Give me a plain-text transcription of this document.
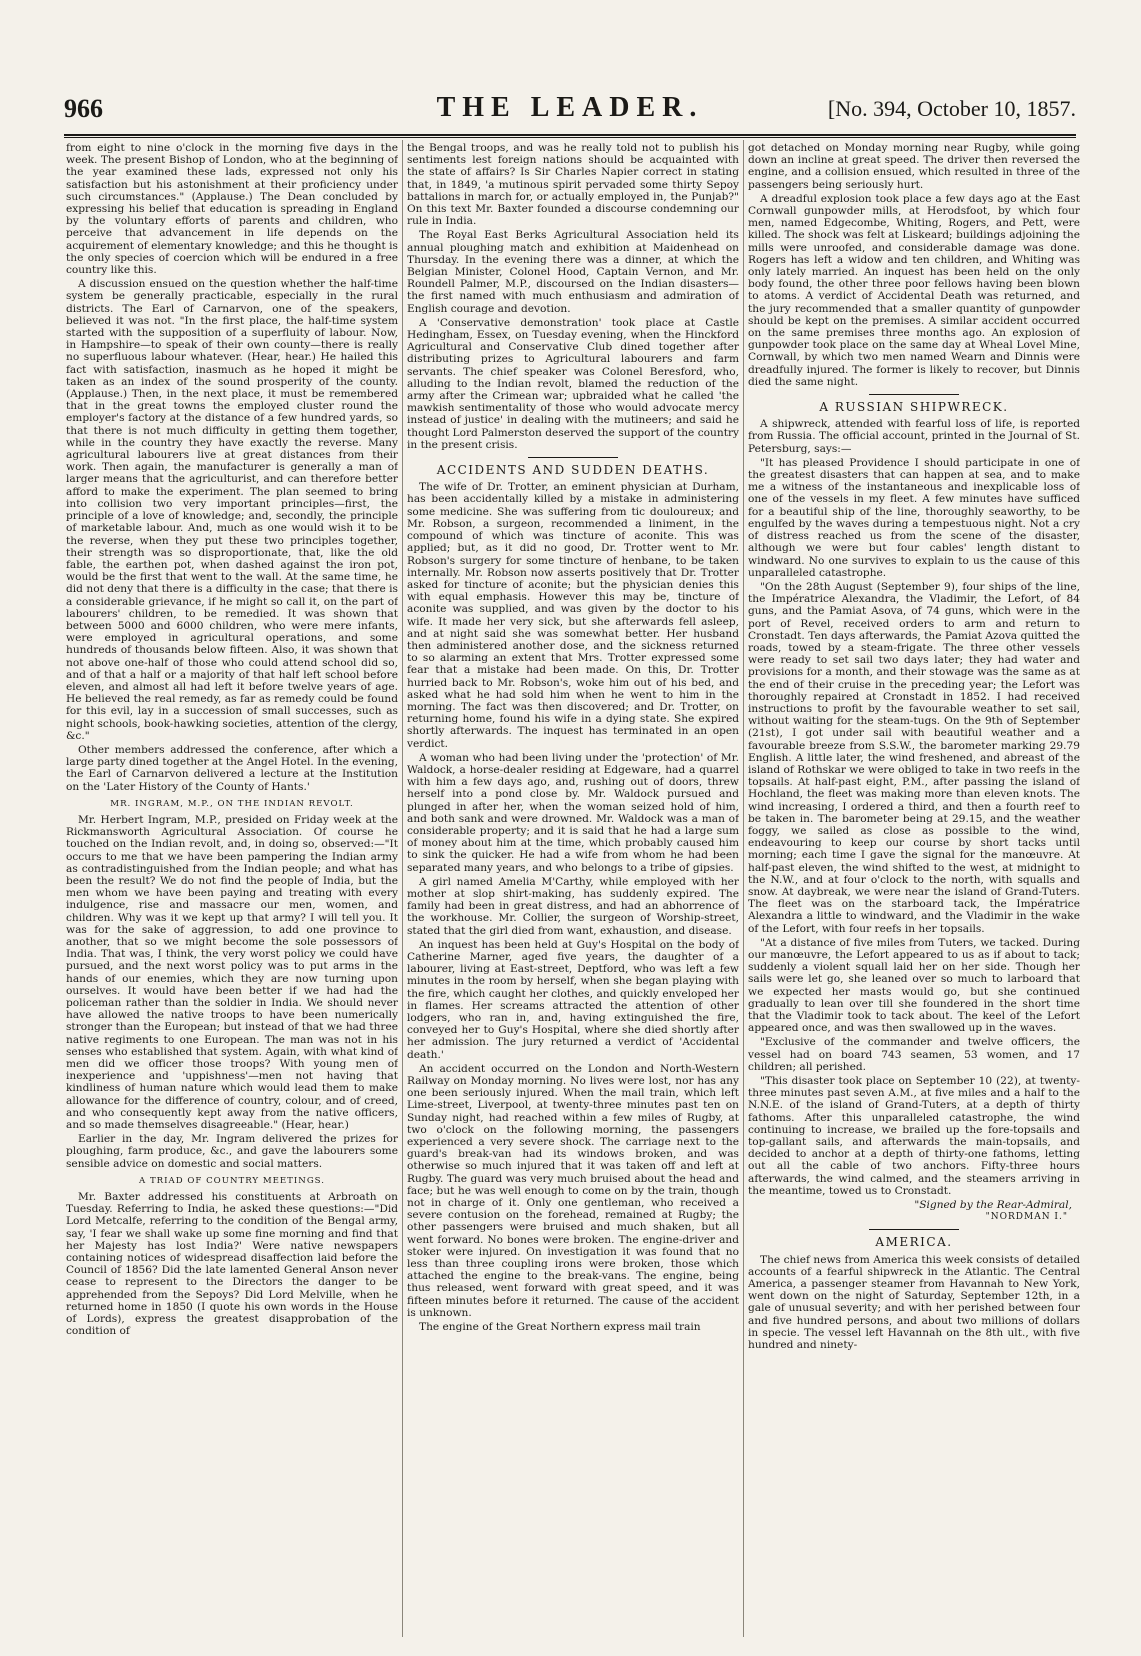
966	THE LEADER.	[No. 394, October 10, 1857.

from eight to nine o'clock in the morning five days in the week. The present Bishop of London, who at the beginning of the year examined these lads, expressed not only his satisfaction but his astonishment at their proficiency under such circumstances." (Applause.) The Dean concluded by expressing his belief that education is spreading in England by the voluntary efforts of parents and children, who perceive that advancement in life depends on the acquirement of elementary knowledge; and this he thought is the only species of coercion which will be endured in a free country like this.

A discussion ensued on the question whether the half-time system be generally practicable, especially in the rural districts. The Earl of Carnarvon, one of the speakers, believed it was not. "In the first place, the half-time system started with the supposition of a superfluity of labour. Now, in Hampshire—to speak of their own county—there is really no superfluous labour whatever. (Hear, hear.) He hailed this fact with satisfaction, inasmuch as he hoped it might be taken as an index of the sound prosperity of the county. (Applause.) Then, in the next place, it must be remembered that in the great towns the employed cluster round the employer's factory at the distance of a few hundred yards, so that there is not much difficulty in getting them together, while in the country they have exactly the reverse. Many agricultural labourers live at great distances from their work. Then again, the manufacturer is generally a man of larger means that the agriculturist, and can therefore better afford to make the experiment. The plan seemed to bring into collision two very important principles—first, the principle of a love of knowledge; and, secondly, the principle of marketable labour. And, much as one would wish it to be the reverse, when they put these two principles together, their strength was so disproportionate, that, like the old fable, the earthen pot, when dashed against the iron pot, would be the first that went to the wall. At the same time, he did not deny that there is a difficulty in the case; that there is a considerable grievance, if he might so call it, on the part of labourers' children, to be remedied. It was shown that between 5000 and 6000 children, who were mere infants, were employed in agricultural operations, and some hundreds of thousands below fifteen. Also, it was shown that not above one-half of those who could attend school did so, and of that a half or a majority of that half left school before eleven, and almost all had left it before twelve years of age. He believed the real remedy, as far as remedy could be found for this evil, lay in a succession of small successes, such as night schools, book-hawking societies, attention of the clergy, &c."

Other members addressed the conference, after which a large party dined together at the Angel Hotel. In the evening, the Earl of Carnarvon delivered a lecture at the Institution on the 'Later History of the County of Hants.'

MR. INGRAM, M.P., ON THE INDIAN REVOLT.

Mr. Herbert Ingram, M.P., presided on Friday week at the Rickmansworth Agricultural Association. Of course he touched on the Indian revolt, and, in doing so, observed:—"It occurs to me that we have been pampering the Indian army as contradistinguished from the Indian people; and what has been the result? We do not find the people of India, but the men whom we have been paying and treating with every indulgence, rise and massacre our men, women, and children. Why was it we kept up that army? I will tell you. It was for the sake of aggression, to add one province to another, that so we might become the sole possessors of India. That was, I think, the very worst policy we could have pursued, and the next worst policy was to put arms in the hands of our enemies, which they are now turning upon ourselves. It would have been better if we had had the policeman rather than the soldier in India. We should never have allowed the native troops to have been numerically stronger than the European; but instead of that we had three native regiments to one European. The man was not in his senses who established that system. Again, with what kind of men did we officer those troops? With young men of inexperience and 'uppishness'—men not having that kindliness of human nature which would lead them to make allowance for the difference of country, colour, and of creed, and who consequently kept away from the native officers, and so made themselves disagreeable." (Hear, hear.)

Earlier in the day, Mr. Ingram delivered the prizes for ploughing, farm produce, &c., and gave the labourers some sensible advice on domestic and social matters.

A TRIAD OF COUNTRY MEETINGS.

Mr. Baxter addressed his constituents at Arbroath on Tuesday. Referring to India, he asked these questions:—"Did Lord Metcalfe, referring to the condition of the Bengal army, say, 'I fear we shall wake up some fine morning and find that her Majesty has lost India?' Were native newspapers containing notices of widespread disaffection laid before the Council of 1856? Did the late lamented General Anson never cease to represent to the Directors the danger to be apprehended from the Sepoys? Did Lord Melville, when he returned home in 1850 (I quote his own words in the House of Lords), express the greatest disapprobation of the condition of

the Bengal troops, and was he really told not to publish his sentiments lest foreign nations should be acquainted with the state of affairs? Is Sir Charles Napier correct in stating that, in 1849, 'a mutinous spirit pervaded some thirty Sepoy battalions in march for, or actually employed in, the Punjab?" On this text Mr. Baxter founded a discourse condemning our rule in India.

The Royal East Berks Agricultural Association held its annual ploughing match and exhibition at Maidenhead on Thursday. In the evening there was a dinner, at which the Belgian Minister, Colonel Hood, Captain Vernon, and Mr. Roundell Palmer, M.P., discoursed on the Indian disasters—the first named with much enthusiasm and admiration of English courage and devotion.

A 'Conservative demonstration' took place at Castle Hedingham, Essex, on Tuesday evening, when the Hinckford Agricultural and Conservative Club dined together after distributing prizes to Agricultural labourers and farm servants. The chief speaker was Colonel Beresford, who, alluding to the Indian revolt, blamed the reduction of the army after the Crimean war; upbraided what he called 'the mawkish sentimentality of those who would advocate mercy instead of justice' in dealing with the mutineers; and said he thought Lord Palmerston deserved the support of the country in the present crisis.

ACCIDENTS AND SUDDEN DEATHS.

The wife of Dr. Trotter, an eminent physician at Durham, has been accidentally killed by a mistake in administering some medicine. She was suffering from tic douloureux; and Mr. Robson, a surgeon, recommended a liniment, in the compound of which was tincture of aconite. This was applied; but, as it did no good, Dr. Trotter went to Mr. Robson's surgery for some tincture of henbane, to be taken internally. Mr. Robson now asserts positively that Dr. Trotter asked for tincture of aconite; but the physician denies this with equal emphasis. However this may be, tincture of aconite was supplied, and was given by the doctor to his wife. It made her very sick, but she afterwards fell asleep, and at night said she was somewhat better. Her husband then administered another dose, and the sickness returned to so alarming an extent that Mrs. Trotter expressed some fear that a mistake had been made. On this, Dr. Trotter hurried back to Mr. Robson's, woke him out of his bed, and asked what he had sold him when he went to him in the morning. The fact was then discovered; and Dr. Trotter, on returning home, found his wife in a dying state. She expired shortly afterwards. The inquest has terminated in an open verdict.

A woman who had been living under the 'protection' of Mr. Waldock, a horse-dealer residing at Edgeware, had a quarrel with him a few days ago, and, rushing out of doors, threw herself into a pond close by. Mr. Waldock pursued and plunged in after her, when the woman seized hold of him, and both sank and were drowned. Mr. Waldock was a man of considerable property; and it is said that he had a large sum of money about him at the time, which probably caused him to sink the quicker. He had a wife from whom he had been separated many years, and who belongs to a tribe of gipsies.

A girl named Amelia M'Carthy, while employed with her mother at slop shirt-making, has suddenly expired. The family had been in great distress, and had an abhorrence of the workhouse. Mr. Collier, the surgeon of Worship-street, stated that the girl died from want, exhaustion, and disease.

An inquest has been held at Guy's Hospital on the body of Catherine Marner, aged five years, the daughter of a labourer, living at East-street, Deptford, who was left a few minutes in the room by herself, when she began playing with the fire, which caught her clothes, and quickly enveloped her in flames. Her screams attracted the attention of other lodgers, who ran in, and, having extinguished the fire, conveyed her to Guy's Hospital, where she died shortly after her admission. The jury returned a verdict of 'Accidental death.'

An accident occurred on the London and North-Western Railway on Monday morning. No lives were lost, nor has any one been seriously injured. When the mail train, which left Lime-street, Liverpool, at twenty-three minutes past ten on Sunday night, had reached within a few miles of Rugby, at two o'clock on the following morning, the passengers experienced a very severe shock. The carriage next to the guard's break-van had its windows broken, and was otherwise so much injured that it was taken off and left at Rugby. The guard was very much bruised about the head and face; but he was well enough to come on by the train, though not in charge of it. Only one gentleman, who received a severe contusion on the forehead, remained at Rugby; the other passengers were bruised and much shaken, but all went forward. No bones were broken. The engine-driver and stoker were injured. On investigation it was found that no less than three coupling irons were broken, those which attached the engine to the break-vans. The engine, being thus released, went forward with great speed, and it was fifteen minutes before it returned. The cause of the accident is unknown.

The engine of the Great Northern express mail train

got detached on Monday morning near Rugby, while going down an incline at great speed. The driver then reversed the engine, and a collision ensued, which resulted in three of the passengers being seriously hurt.

A dreadful explosion took place a few days ago at the East Cornwall gunpowder mills, at Herodsfoot, by which four men, named Edgecombe, Whiting, Rogers, and Pett, were killed. The shock was felt at Liskeard; buildings adjoining the mills were unroofed, and considerable damage was done. Rogers has left a widow and ten children, and Whiting was only lately married. An inquest has been held on the only body found, the other three poor fellows having been blown to atoms. A verdict of Accidental Death was returned, and the jury recommended that a smaller quantity of gunpowder should be kept on the premises. A similar accident occurred on the same premises three months ago. An explosion of gunpowder took place on the same day at Wheal Lovel Mine, Cornwall, by which two men named Wearn and Dinnis were dreadfully injured. The former is likely to recover, but Dinnis died the same night.

A RUSSIAN SHIPWRECK.

A shipwreck, attended with fearful loss of life, is reported from Russia. The official account, printed in the Journal of St. Petersburg, says:—

"It has pleased Providence I should participate in one of the greatest disasters that can happen at sea, and to make me a witness of the instantaneous and inexplicable loss of one of the vessels in my fleet. A few minutes have sufficed for a beautiful ship of the line, thoroughly seaworthy, to be engulfed by the waves during a tempestuous night. Not a cry of distress reached us from the scene of the disaster, although we were but four cables' length distant to windward. No one survives to explain to us the cause of this unparalleled catastrophe.

"On the 28th August (September 9), four ships of the line, the Impératrice Alexandra, the Vladimir, the Lefort, of 84 guns, and the Pamiat Asova, of 74 guns, which were in the port of Revel, received orders to arm and return to Cronstadt. Ten days afterwards, the Pamiat Azova quitted the roads, towed by a steam-frigate. The three other vessels were ready to set sail two days later; they had water and provisions for a month, and their stowage was the same as at the end of their cruise in the preceding year; the Lefort was thoroughly repaired at Cronstadt in 1852. I had received instructions to profit by the favourable weather to set sail, without waiting for the steam-tugs. On the 9th of September (21st), I got under sail with beautiful weather and a favourable breeze from S.S.W., the barometer marking 29.79 English. A little later, the wind freshened, and abreast of the island of Rothskar we were obliged to take in two reefs in the topsails. At half-past eight, P.M., after passing the island of Hochland, the fleet was making more than eleven knots. The wind increasing, I ordered a third, and then a fourth reef to be taken in. The barometer being at 29.15, and the weather foggy, we sailed as close as possible to the wind, endeavouring to keep our course by short tacks until morning; each time I gave the signal for the manœuvre. At half-past eleven, the wind shifted to the west, at midnight to the N.W., and at four o'clock to the north, with squalls and snow. At daybreak, we were near the island of Grand-Tuters. The fleet was on the starboard tack, the Impératrice Alexandra a little to windward, and the Vladimir in the wake of the Lefort, with four reefs in her topsails.

"At a distance of five miles from Tuters, we tacked. During our manœuvre, the Lefort appeared to us as if about to tack; suddenly a violent squall laid her on her side. Though her sails were let go, she leaned over so much to larboard that we expected her masts would go, but she continued gradually to lean over till she foundered in the short time that the Vladimir took to tack about. The keel of the Lefort appeared once, and was then swallowed up in the waves.

"Exclusive of the commander and twelve officers, the vessel had on board 743 seamen, 53 women, and 17 children; all perished.

"This disaster took place on September 10 (22), at twenty-three minutes past seven A.M., at five miles and a half to the N.N.E. of the island of Grand-Tuters, at a depth of thirty fathoms. After this unparalleled catastrophe, the wind continuing to increase, we brailed up the fore-topsails and top-gallant sails, and afterwards the main-topsails, and decided to anchor at a depth of thirty-one fathoms, letting out all the cable of two anchors. Fifty-three hours afterwards, the wind calmed, and the steamers arriving in the meantime, towed us to Cronstadt.

"Signed by the Rear-Admiral,
"NORDMAN I."
AMERICA.

The chief news from America this week consists of detailed accounts of a fearful shipwreck in the Atlantic. The Central America, a passenger steamer from Havannah to New York, went down on the night of Saturday, September 12th, in a gale of unusual severity; and with her perished between four and five hundred persons, and about two millions of dollars in specie. The vessel left Havannah on the 8th ult., with five hundred and ninety-
